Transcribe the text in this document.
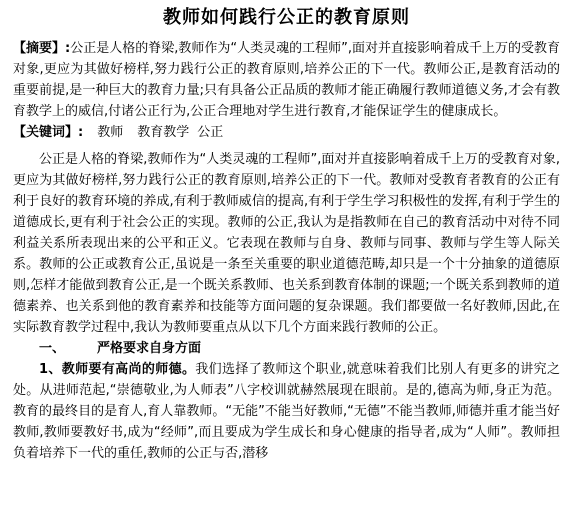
教师如何践行公正的教育原则

【摘要】:公正是人格的脊梁,教师作为“人类灵魂的工程师”,面对并直接影响着成千上万的受教育对象,更应为其做好榜样,努力践行公正的教育原则,培养公正的下一代。教师公正,是教育活动的重要前提,是一种巨大的教育力量;只有具备公正品质的教师才能正确履行教师道德义务,才会有教育教学上的威信,付诸公正行为,公正合理地对学生进行教育,才能保证学生的健康成长。

【关键词】: 教师 教育教学 公正

公正是人格的脊梁,教师作为“人类灵魂的工程师”,面对并直接影响着成千上万的受教育对象,更应为其做好榜样,努力践行公正的教育原则,培养公正的下一代。教师对受教育者教育的公正有利于良好的教育环境的养成,有利于教师威信的提高,有利于学生学习积极性的发挥,有利于学生的道德成长,更有利于社会公正的实现。教师的公正,我认为是指教师在自己的教育活动中对待不同利益关系所表现出来的公平和正义。它表现在教师与自身、教师与同事、教师与学生等人际关系。教师的公正或教育公正,虽说是一条至关重要的职业道德范畴,却只是一个十分抽象的道德原则,怎样才能做到教育公正,是一个既关系教师、也关系到教育体制的课题;一个既关系到教师的道德素养、也关系到他的教育素养和技能等方面问题的复杂课题。我们都要做一名好教师,因此,在实际教育教学过程中,我认为教师要重点从以下几个方面来践行教师的公正。

一、 严格要求自身方面

1、教师要有高尚的师德。我们选择了教师这个职业,就意味着我们比别人有更多的讲究之处。从进师范起,“崇德敬业,为人师表”八字校训就赫然展现在眼前。是的,德高为师,身正为范。教育的最终目的是育人,育人靠教师。“无能”不能当好教师,“无德”不能当教师,师德并重才能当好教师,教师要教好书,成为“经师”,而且要成为学生成长和身心健康的指导者,成为“人师”。教师担负着培养下一代的重任,教师的公正与否,潜移
